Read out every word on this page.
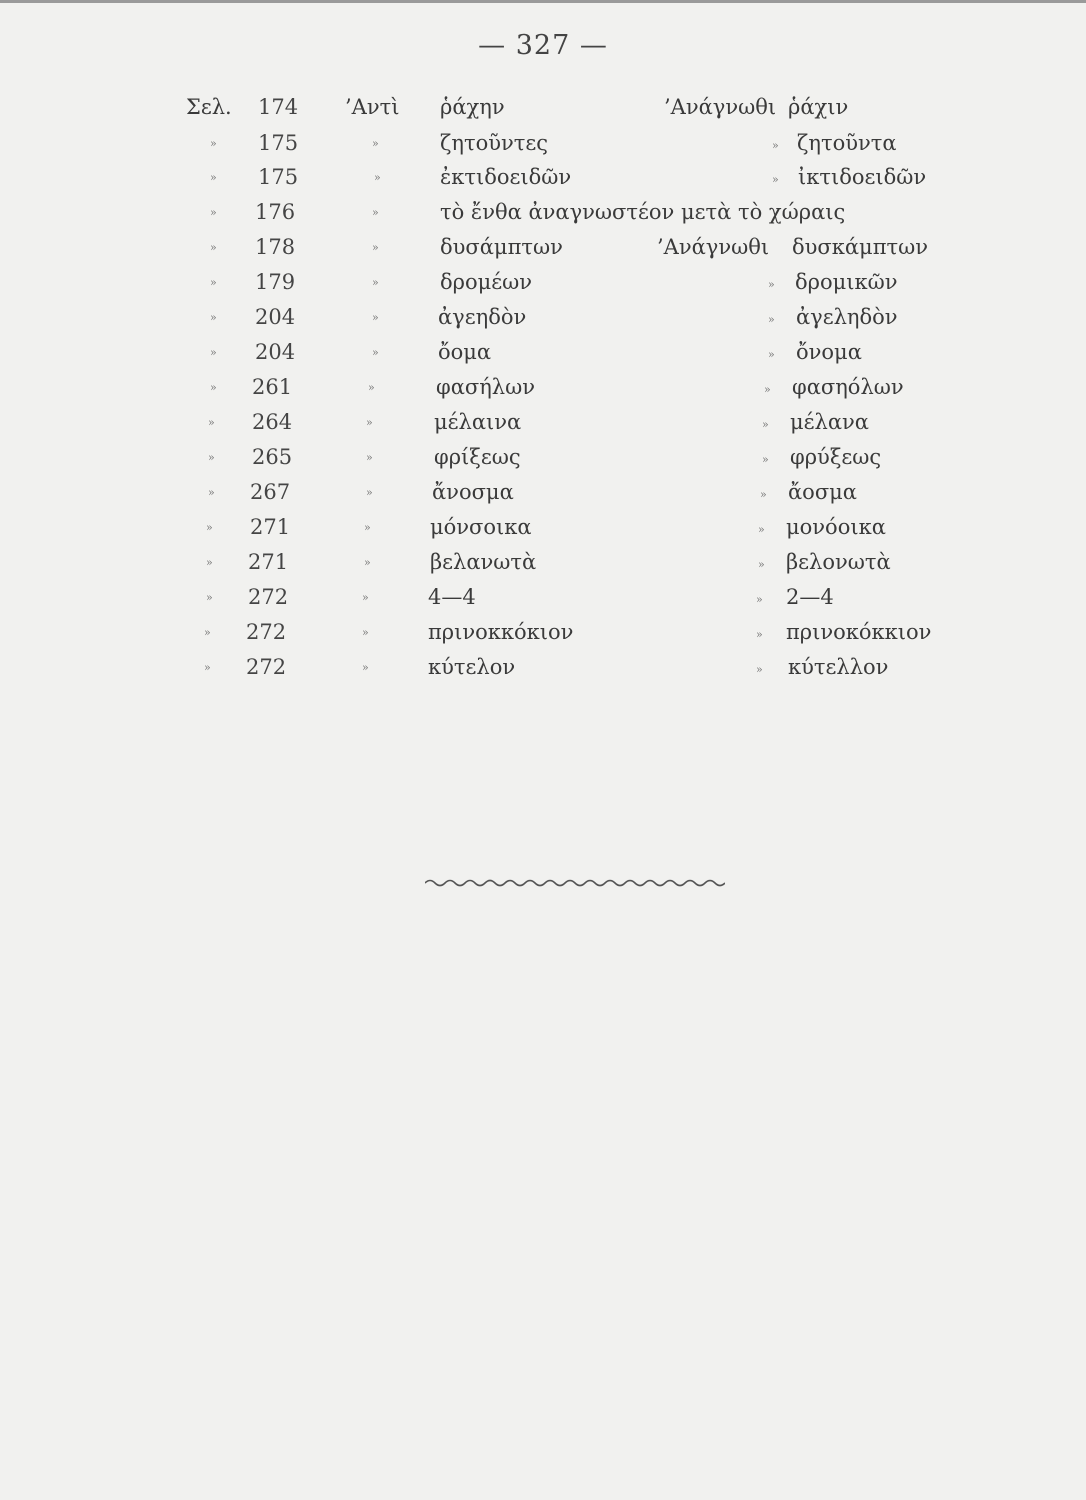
— 327 —
Σελ. 174 ’Αντὶ ῥάχην	’Ανάγνωθι ῥάχιν
» 175	»	ζητοῦντες	» ζητοῦντα
» 175	»	ἐκτιδοειδῶν	» ἰκτιδοειδῶν
» 176	»	τὸ ἔνθα ἀναγνωστέον μετὰ τὸ χώραις
» 178	»	δυσάμπτων	’Ανάγνωθι δυσκάμπτων
» 179	»	δρομέων	» δρομικῶν
» 204	»	ἀγεηδὸν	» ἀγεληδὸν
» 204	»	ὄομα	» ὄνομα
» 261	»	φασήλων	» φασηόλων
» 264	»	μέλαινα	» μέλανα
» 265	»	φρίξεως	» φρύξεως
» 267	»	ἄνοσμα	» ἄοσμα
» 271	»	μόνσοικα	» μονόοικα
» 271	»	βελανωτὰ	» βελονωτὰ
» 272	»	4—4	» 2—4
» 272	»	πρινοκκόκιον	» πρινοκόκκιον
» 272	»	κύτελον	» κύτελλον
